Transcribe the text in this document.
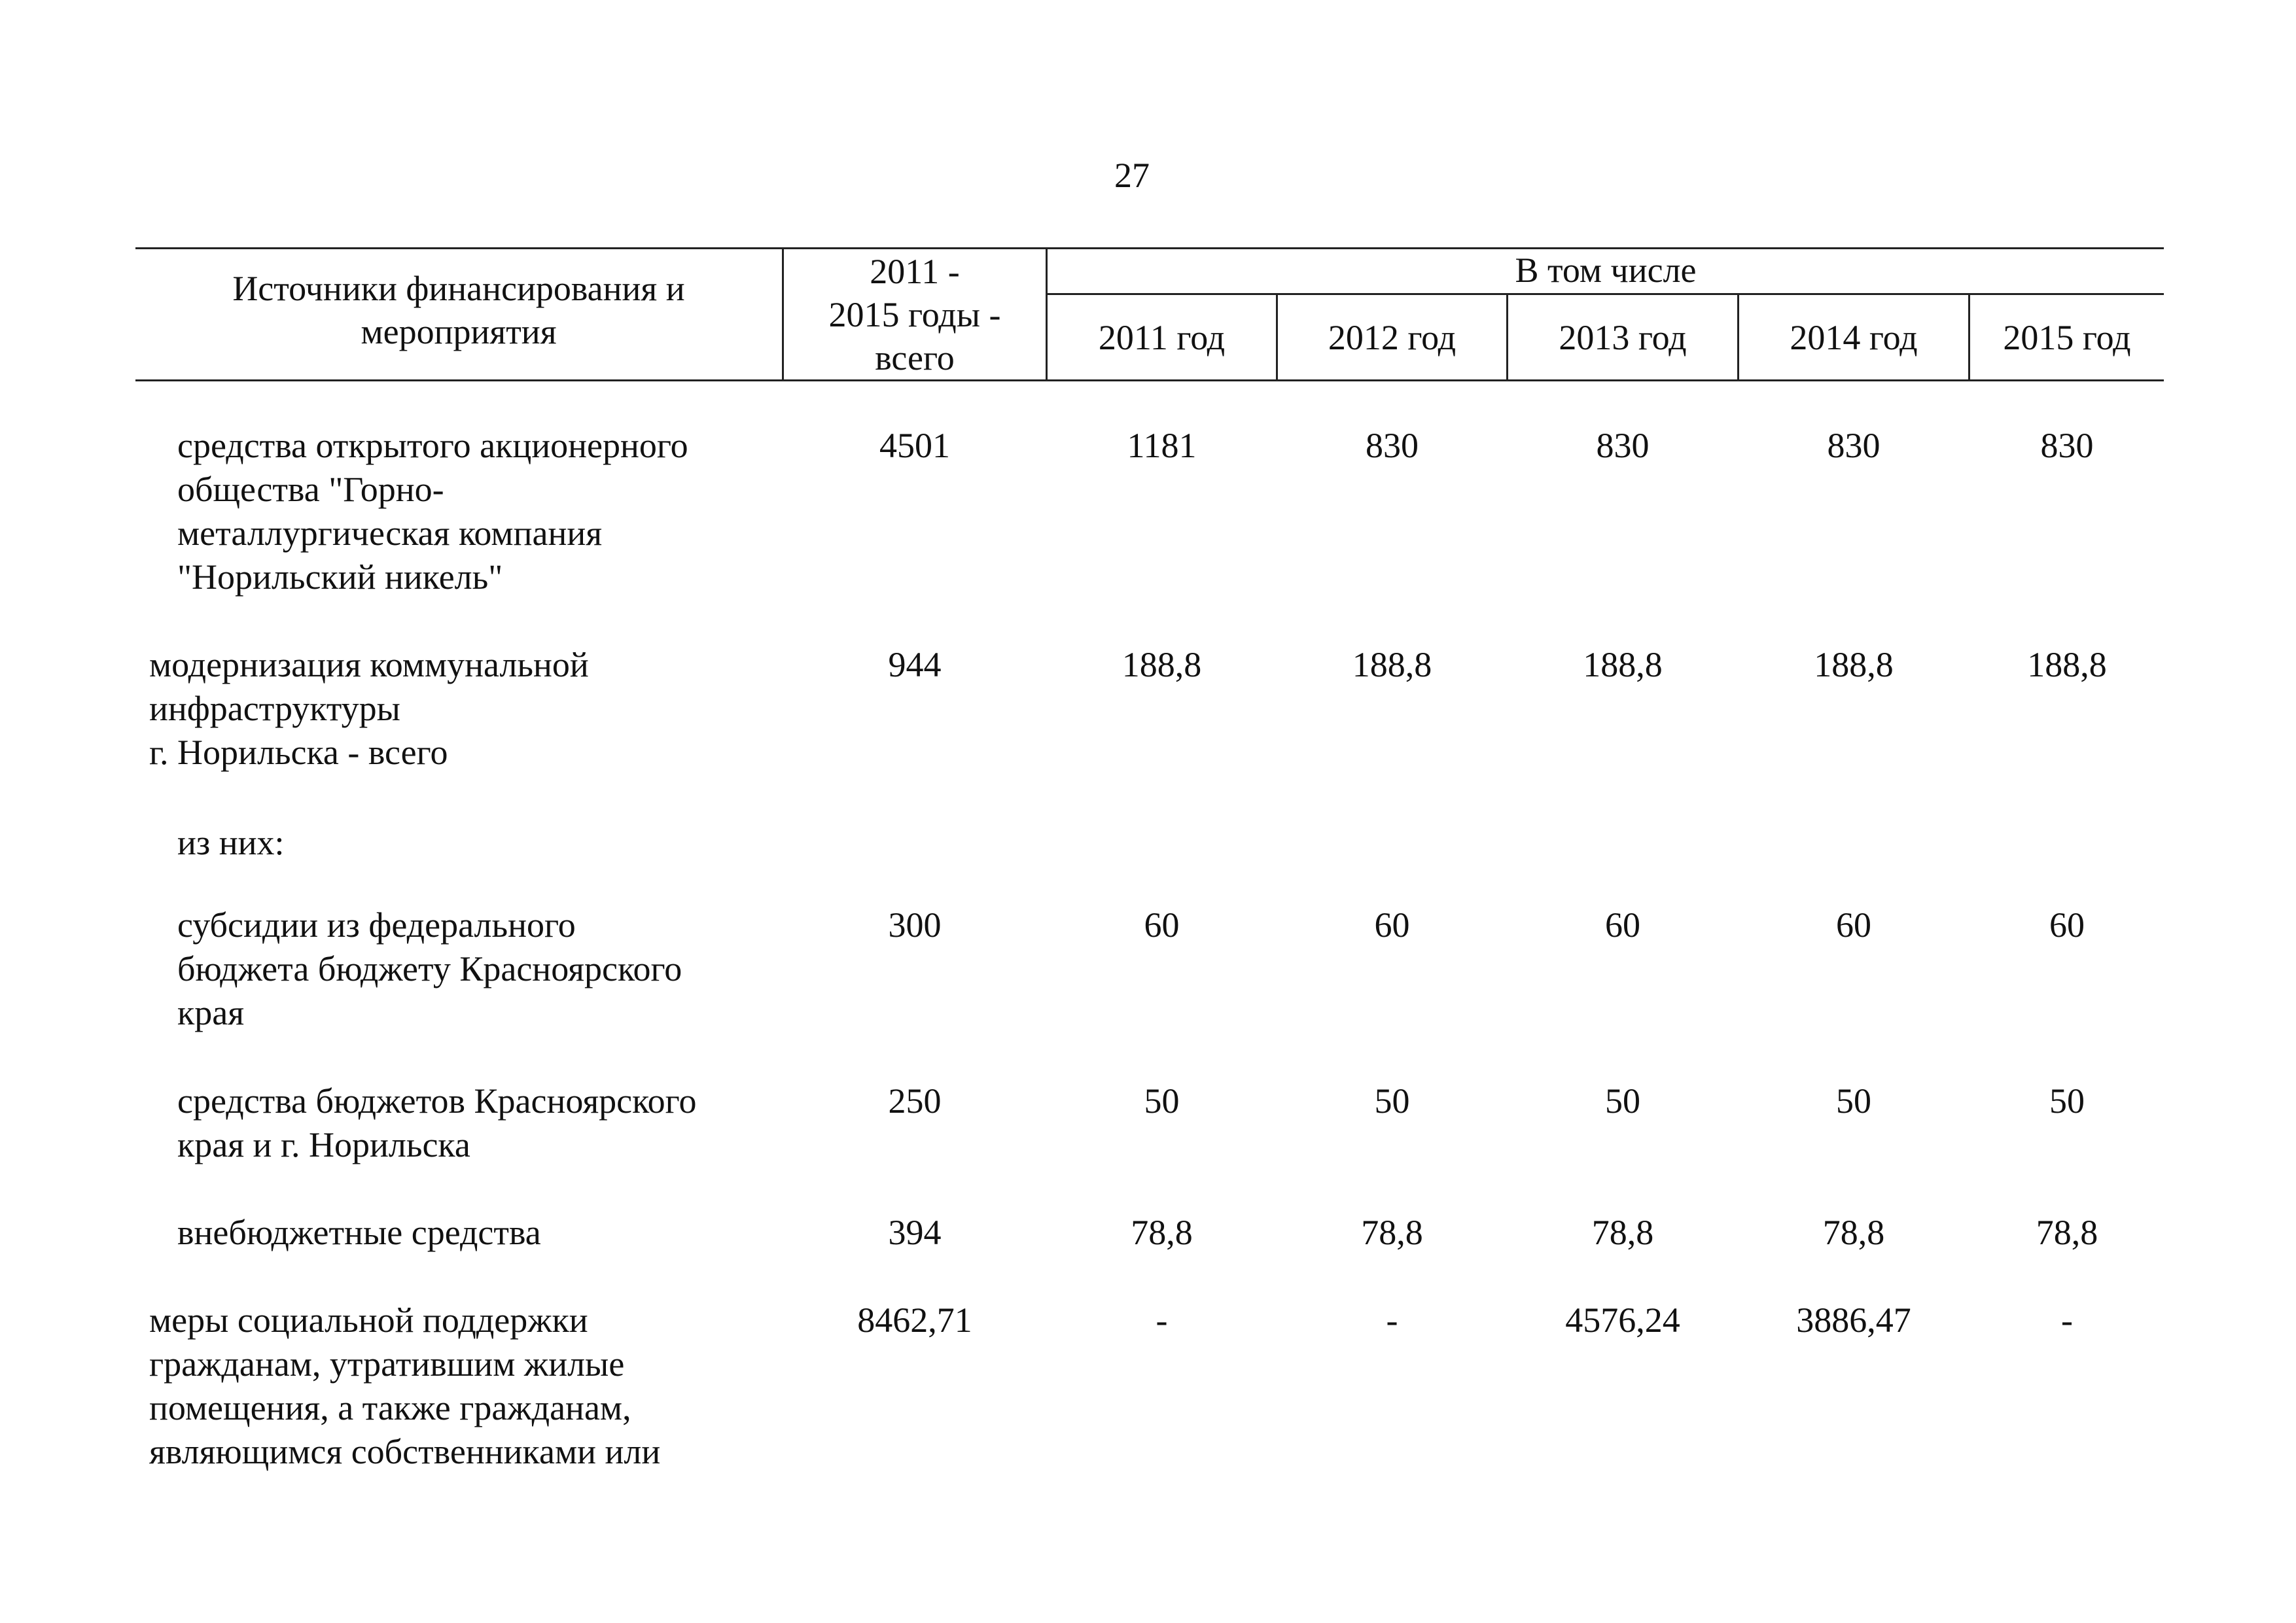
27
Источники финансирования и
мероприятия
2011 -
2015 годы -
всего
В том числе
2011 год	2012 год	2013 год	2014 год	2015 год
средства открытого акционерного
общества "Горно-
металлургическая компания
"Норильский никель"
4501	1181	830	830	830	830
модернизация коммунальной
инфраструктуры
г. Норильска - всего
944	188,8	188,8	188,8	188,8	188,8
из них:
субсидии из федерального
бюджета бюджету Красноярского
края
300	60	60	60	60	60
средства бюджетов Красноярского
края и г. Норильска
250	50	50	50	50	50
внебюджетные средства	394	78,8	78,8	78,8	78,8	78,8
меры социальной поддержки
гражданам, утратившим жилые
помещения, а также гражданам,
являющимся собственниками или
8462,71	-	-	4576,24	3886,47	-
